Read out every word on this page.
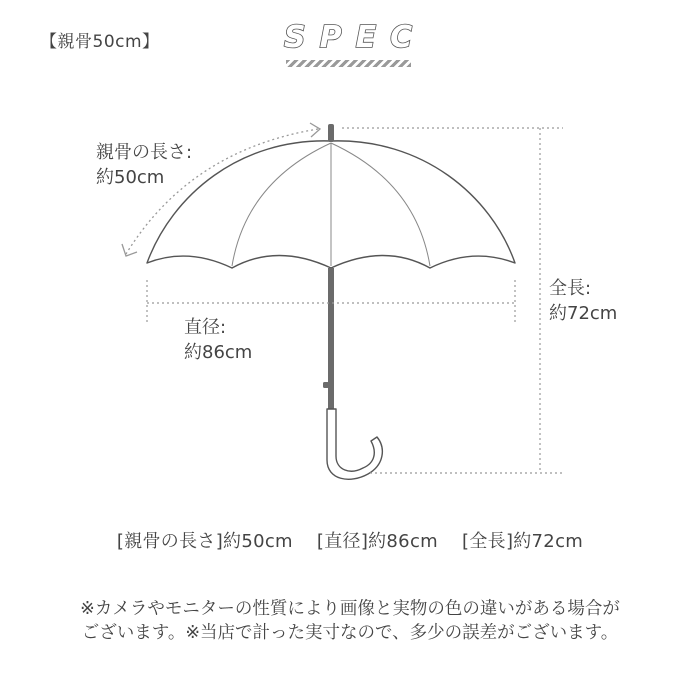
【親骨50cm】	SPEC
親骨の長さ:
約50cm
直径:
約86cm
全長:
約72cm
[親骨の長さ]約50cm [直径]約86cm [全長]約72cm
※カメラやモニターの性質により画像と実物の色の違いがある場合が
ございます。※当店で計った実寸なので、多少の誤差がございます。
